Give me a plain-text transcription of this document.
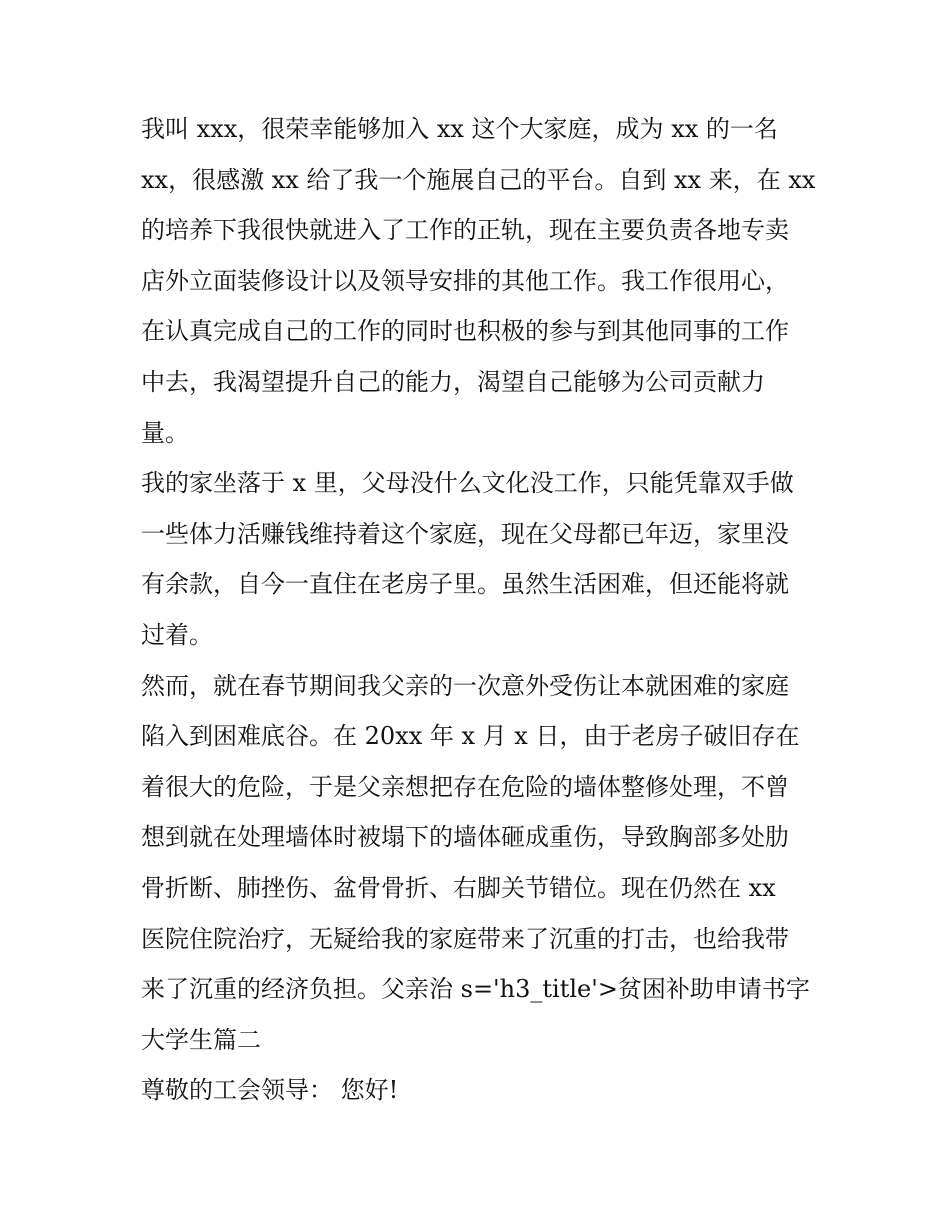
我叫 xxx，很荣幸能够加入 xx 这个大家庭，成为 xx 的一名
xx，很感激 xx 给了我一个施展自己的平台。自到 xx 来，在 xx
的培养下我很快就进入了工作的正轨，现在主要负责各地专卖
店外立面装修设计以及领导安排的其他工作。我工作很用心，
在认真完成自己的工作的同时也积极的参与到其他同事的工作
中去，我渴望提升自己的能力，渴望自己能够为公司贡献力
量。
我的家坐落于 x 里，父母没什么文化没工作，只能凭靠双手做
一些体力活赚钱维持着这个家庭，现在父母都已年迈，家里没
有余款，自今一直住在老房子里。虽然生活困难，但还能将就
过着。
然而，就在春节期间我父亲的一次意外受伤让本就困难的家庭
陷入到困难底谷。在 20xx 年 x 月 x 日，由于老房子破旧存在
着很大的危险，于是父亲想把存在危险的墙体整修处理，不曾
想到就在处理墙体时被塌下的墙体砸成重伤，导致胸部多处肋
骨折断、肺挫伤、盆骨骨折、右脚关节错位。现在仍然在 xx
医院住院治疗，无疑给我的家庭带来了沉重的打击，也给我带
来了沉重的经济负担。父亲治 s='h3_title'>贫困补助申请书字
大学生篇二
尊敬的工会领导： 您好!
